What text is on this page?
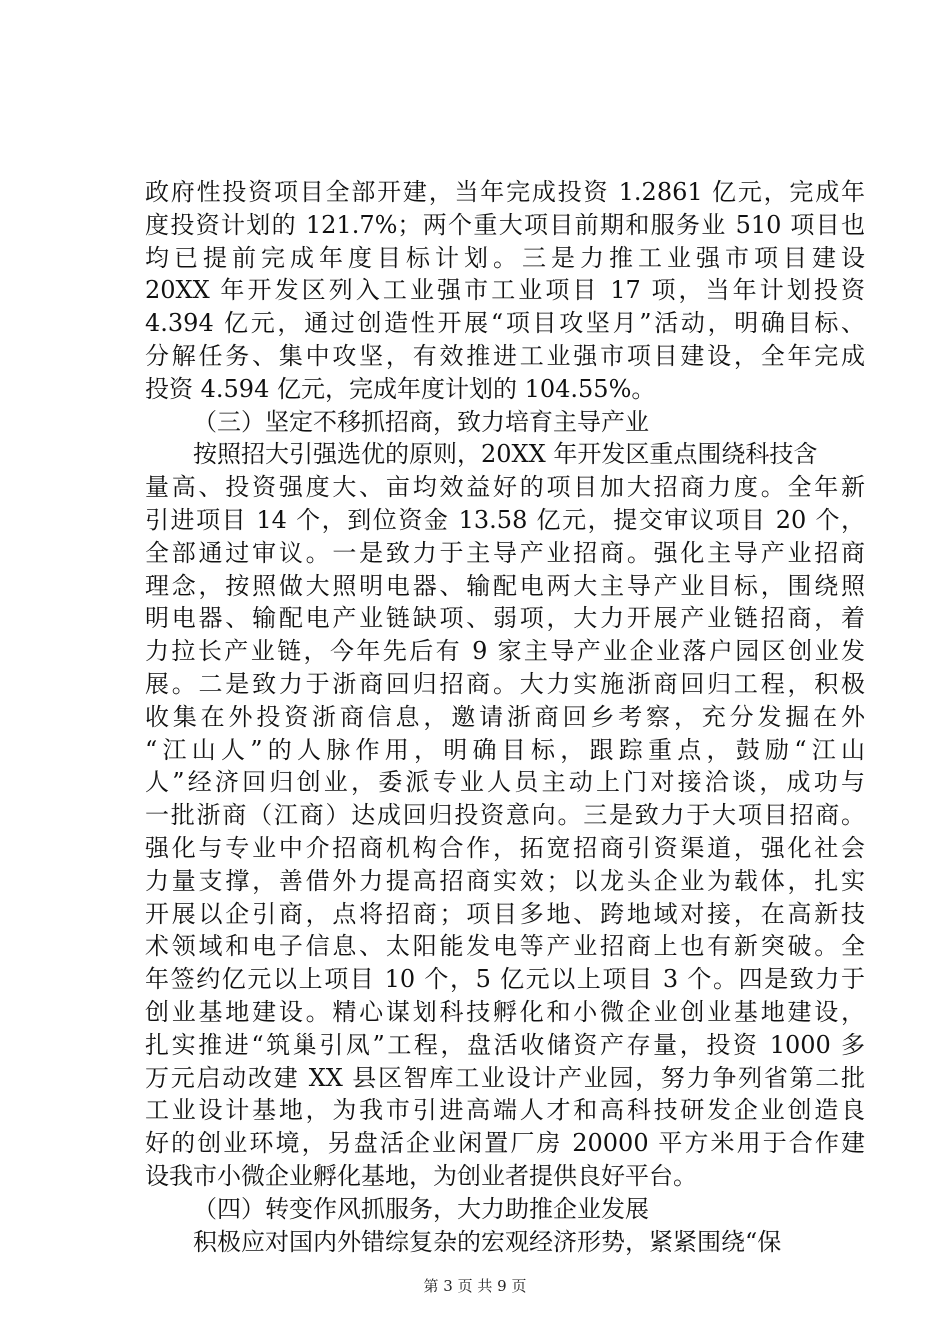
政府性投资项目全部开建，当年完成投资 1.2861 亿元，完成年
度投资计划的 121.7%；两个重大项目前期和服务业 510 项目也
均已提前完成年度目标计划。三是力推工业强市项目建设
20XX 年开发区列入工业强市工业项目 17 项，当年计划投资
4.394 亿元，通过创造性开展“项目攻坚月”活动，明确目标、
分解任务、集中攻坚，有效推进工业强市项目建设，全年完成
投资 4.594 亿元，完成年度计划的 104.55%。
（三）坚定不移抓招商，致力培育主导产业
按照招大引强选优的原则，20XX 年开发区重点围绕科技含
量高、投资强度大、亩均效益好的项目加大招商力度。全年新
引进项目 14 个，到位资金 13.58 亿元，提交审议项目 20 个，
全部通过审议。一是致力于主导产业招商。强化主导产业招商
理念，按照做大照明电器、输配电两大主导产业目标，围绕照
明电器、输配电产业链缺项、弱项，大力开展产业链招商，着
力拉长产业链，今年先后有 9 家主导产业企业落户园区创业发
展。二是致力于浙商回归招商。大力实施浙商回归工程，积极
收集在外投资浙商信息，邀请浙商回乡考察，充分发掘在外
“江山人”的人脉作用，明确目标，跟踪重点，鼓励“江山
人”经济回归创业，委派专业人员主动上门对接洽谈，成功与
一批浙商（江商）达成回归投资意向。三是致力于大项目招商。
强化与专业中介招商机构合作，拓宽招商引资渠道，强化社会
力量支撑，善借外力提高招商实效；以龙头企业为载体，扎实
开展以企引商，点将招商；项目多地、跨地域对接，在高新技
术领域和电子信息、太阳能发电等产业招商上也有新突破。全
年签约亿元以上项目 10 个，5 亿元以上项目 3 个。四是致力于
创业基地建设。精心谋划科技孵化和小微企业创业基地建设，
扎实推进“筑巢引凤”工程，盘活收储资产存量，投资 1000 多
万元启动改建 XX 县区智库工业设计产业园，努力争列省第二批
工业设计基地，为我市引进高端人才和高科技研发企业创造良
好的创业环境，另盘活企业闲置厂房 20000 平方米用于合作建
设我市小微企业孵化基地，为创业者提供良好平台。
（四）转变作风抓服务，大力助推企业发展
积极应对国内外错综复杂的宏观经济形势，紧紧围绕“保
第 3 页 共 9 页
